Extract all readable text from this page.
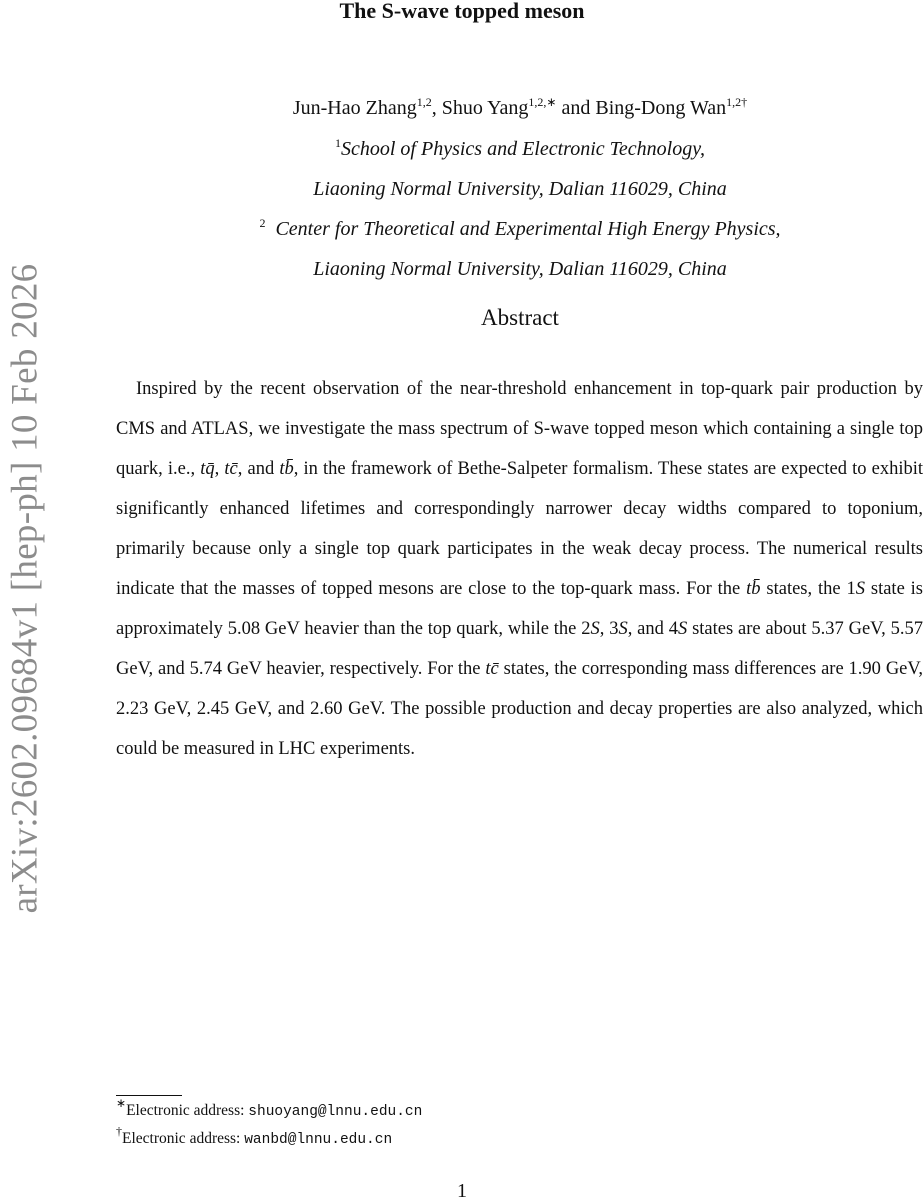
arXiv:2602.09684v1 [hep-ph] 10 Feb 2026
The S-wave topped meson
Jun-Hao Zhang$^{1,2}$, Shuo Yang$^{1,2,∗}$ and Bing-Dong Wan$^{1,2\dagger}$
$^1$School of Physics and Electronic Technology,
Liaoning Normal University, Dalian 116029, China
$^2$ Center for Theoretical and Experimental High Energy Physics,
Liaoning Normal University, Dalian 116029, China
Abstract

Inspired by the recent observation of the near-threshold enhancement in top-quark pair production by CMS and ATLAS, we investigate the mass spectrum of S-wave topped meson which containing a single top quark, i.e., tq̄, tc̄, and tb̄, in the framework of Bethe-Salpeter formalism. These states are expected to exhibit significantly enhanced lifetimes and correspondingly narrower decay widths compared to toponium, primarily because only a single top quark participates in the weak decay process. The numerical results indicate that the masses of topped mesons are close to the top-quark mass. For the tb̄ states, the 1S state is approximately 5.08 GeV heavier than the top quark, while the 2S, 3S, and 4S states are about 5.37 GeV, 5.57 GeV, and 5.74 GeV heavier, respectively. For the tc̄ states, the corresponding mass differences are 1.90 GeV, 2.23 GeV, 2.45 GeV, and 2.60 GeV. The possible production and decay properties are also analyzed, which could be measured in LHC experiments.

∗Electronic address: shuoyang@lnnu.edu.cn
†Electronic address: wanbd@lnnu.edu.cn
1
